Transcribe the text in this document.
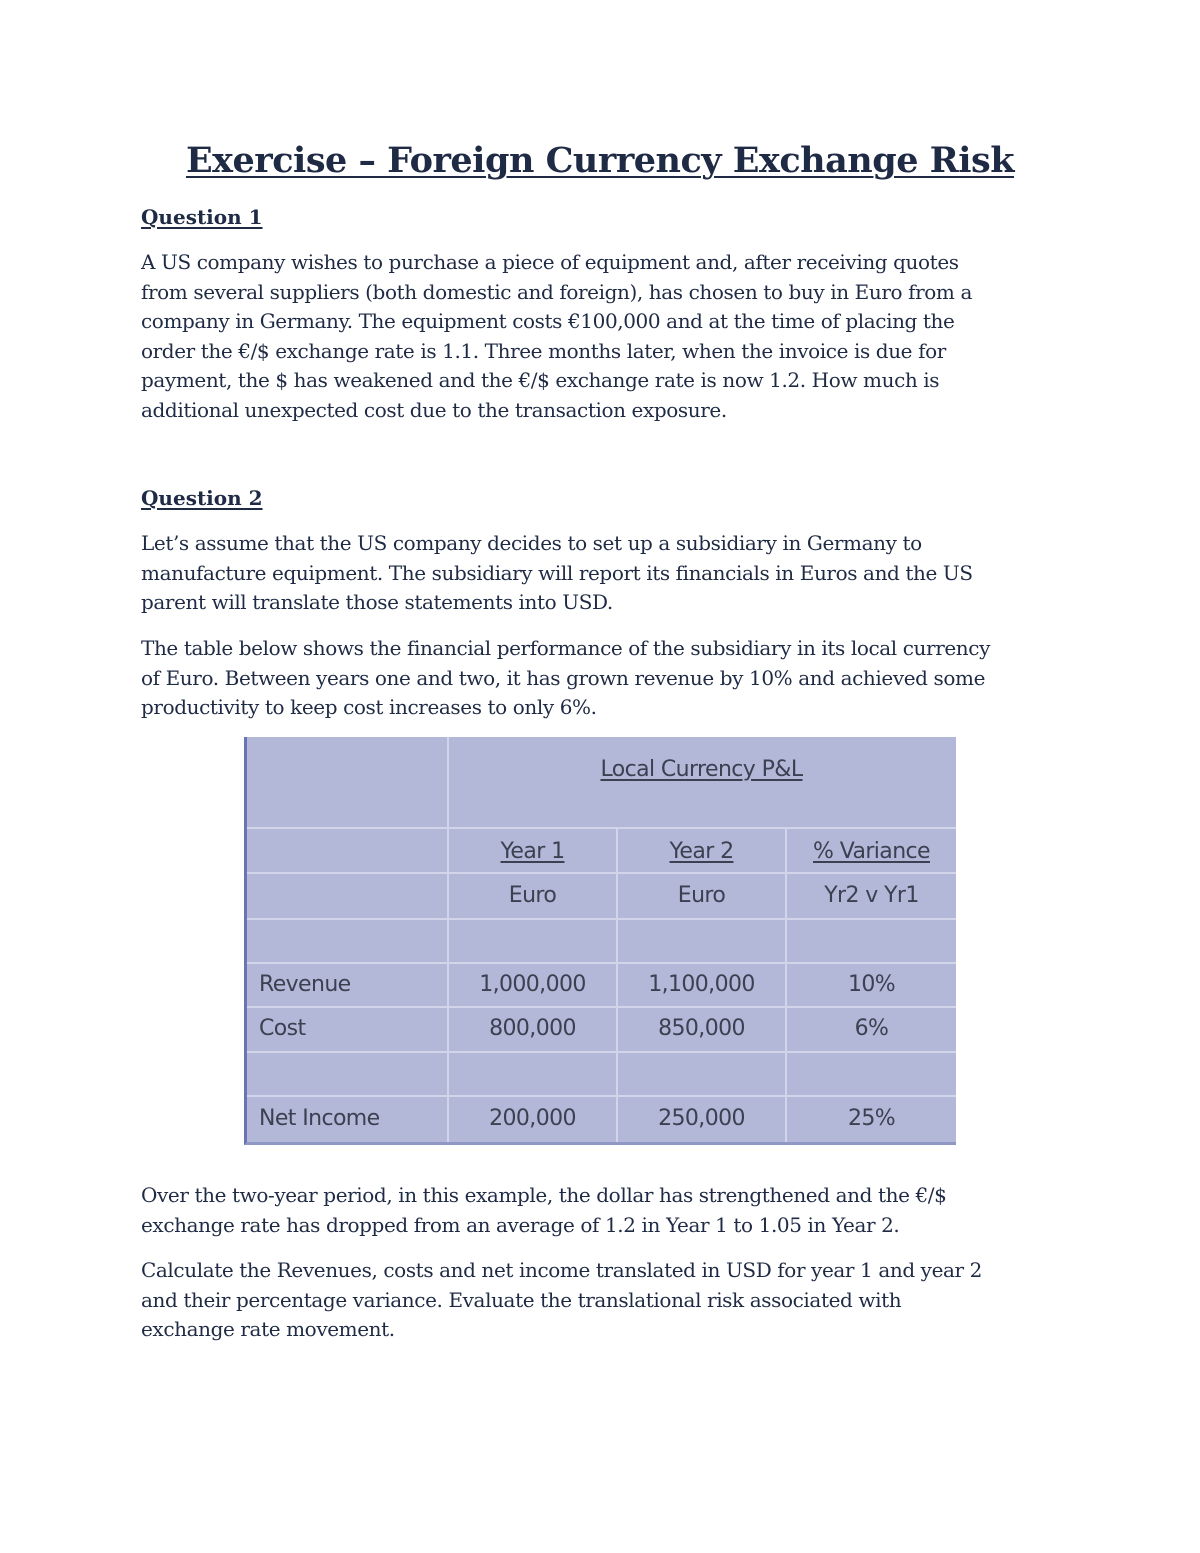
Exercise – Foreign Currency Exchange Risk
Question 1
A US company wishes to purchase a piece of equipment and, after receiving quotes
from several suppliers (both domestic and foreign), has chosen to buy in Euro from a
company in Germany. The equipment costs €100,000 and at the time of placing the
order the €/$ exchange rate is 1.1. Three months later, when the invoice is due for
payment, the $ has weakened and the €/$ exchange rate is now 1.2. How much is
additional unexpected cost due to the transaction exposure.
Question 2
Let’s assume that the US company decides to set up a subsidiary in Germany to
manufacture equipment. The subsidiary will report its financials in Euros and the US
parent will translate those statements into USD.
The table below shows the financial performance of the subsidiary in its local currency
of Euro. Between years one and two, it has grown revenue by 10% and achieved some
productivity to keep cost increases to only 6%.
Local Currency P&L
Year 1	Year 2	% Variance
Euro	Euro	Yr2 v Yr1
Revenue	1,000,000	1,100,000	10%
Cost	800,000	850,000	6%
Net Income	200,000	250,000	25%
Over the two-year period, in this example, the dollar has strengthened and the €/$
exchange rate has dropped from an average of 1.2 in Year 1 to 1.05 in Year 2.
Calculate the Revenues, costs and net income translated in USD for year 1 and year 2
and their percentage variance. Evaluate the translational risk associated with
exchange rate movement.
